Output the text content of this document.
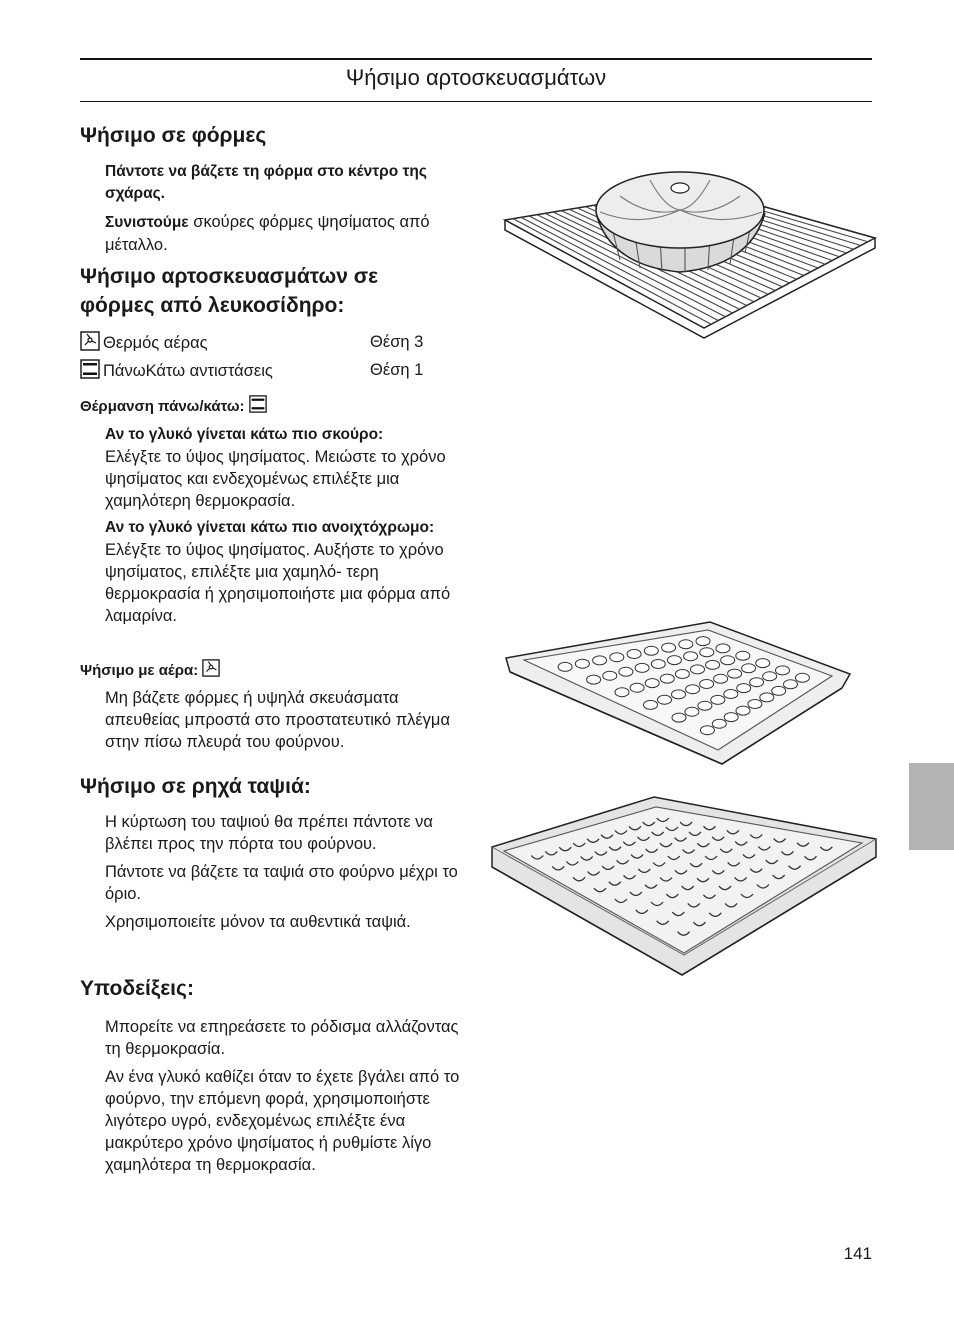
Ψήσιμο αρτοσκευασμάτων
Ψήσιμο σε φόρμες

Πάντοτε να βάζετε τη φόρμα στο κέντρο της σχάρας.

Συνιστούμε σκούρες φόρμες ψησίματος από μέταλλο.

Ψήσιμο αρτοσκευασμάτων σε
φόρμες από λευκοσίδηρο:
Θερμός αέρας	Θέση 3
ΠάνωΚάτω αντιστάσεις	Θέση 1
Θέρμανση πάνω/κάτω:

Αν το γλυκό γίνεται κάτω πιο σκούρο:
Ελέγξτε το ύψος ψησίματος. Μειώστε το χρόνο ψησίματος και ενδεχομένως επιλέξτε μια χαμηλότερη θερμοκρασία.

Αν το γλυκό γίνεται κάτω πιο ανοιχτόχρωμο:
Ελέγξτε το ύψος ψησίματος. Αυξήστε το χρόνο ψησίματος, επιλέξτε μια χαμηλό- τερη θερμοκρασία ή χρησιμοποιήστε μια φόρμα από λαμαρίνα.

Ψήσιμο με αέρα:

Μη βάζετε φόρμες ή υψηλά σκευάσματα απευθείας μπροστά στο προστατευτικό πλέγμα στην πίσω πλευρά του φούρνου.

Ψήσιμο σε ρηχά ταψιά:

Η κύρτωση του ταψιού θα πρέπει πάντοτε να βλέπει προς την πόρτα του φούρνου.

Πάντοτε να βάζετε τα ταψιά στο φούρνο μέχρι το όριο.

Χρησιμοποιείτε μόνον τα αυθεντικά ταψιά.

Υποδείξεις:

Μπορείτε να επηρεάσετε το ρόδισμα αλλάζοντας τη θερμοκρασία.

Αν ένα γλυκό καθίζει όταν το έχετε βγάλει από το φούρνο, την επόμενη φορά, χρησιμοποιήστε λιγότερο υγρό, ενδεχομένως επιλέξτε ένα μακρύτερο χρόνο ψησίματος ή ρυθμίστε λίγο χαμηλότερα τη θερμοκρασία.

141
